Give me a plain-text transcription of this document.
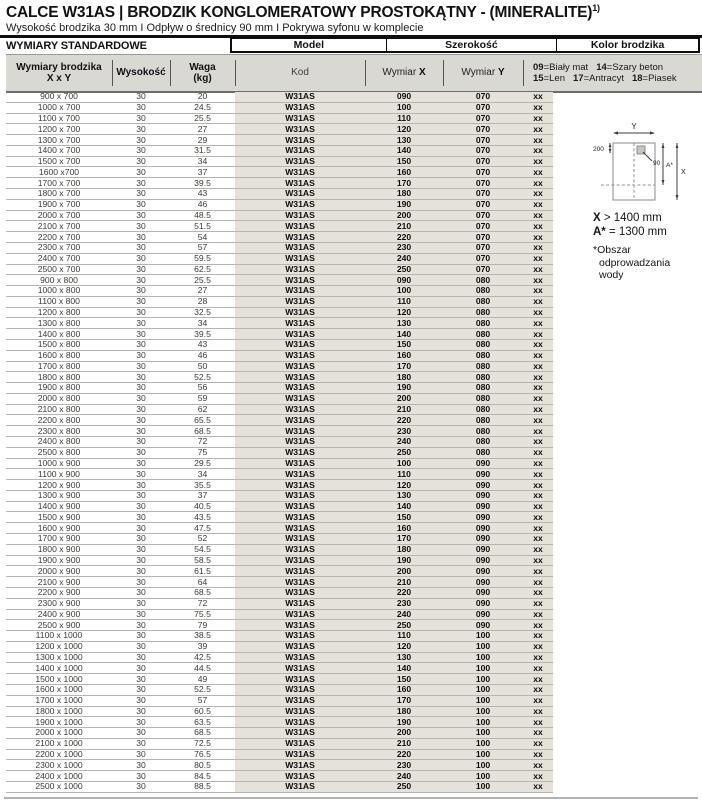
CALCE W31AS | BRODZIK KONGLOMERATOWY PROSTOKĄTNY - (MINERALITE)$^{1)}$
Wysokość brodzika 30 mm I Odpływ o średnicy 90 mm I Pokrywa syfonu w komplecie
WYMIARY STANDARDOWE	Model	Szerokość	Kolor brodzika
Wymiary brodzika
X x Y
Wysokość
Waga
(kg)
Kod	Wymiar X	Wymiar Y
09=Biały mat 14=Szary beton
15=Len 17=Antracyt 18=Piasek
900 x 700	30	20	W31AS	090	070	xx
1000 x 700	30	24.5	W31AS	100	070	xx
1100 x 700	30	25.5	W31AS	110	070	xx
1200 x 700	30	27	W31AS	120	070	xx
1300 x 700	30	29	W31AS	130	070	xx
1400 x 700	30	31.5	W31AS	140	070	xx
1500 x 700	30	34	W31AS	150	070	xx
1600 x700	30	37	W31AS	160	070	xx
1700 x 700	30	39.5	W31AS	170	070	xx
1800 x 700	30	43	W31AS	180	070	xx
1900 x 700	30	46	W31AS	190	070	xx
2000 x 700	30	48.5	W31AS	200	070	xx
2100 x 700	30	51.5	W31AS	210	070	xx
2200 x 700	30	54	W31AS	220	070	xx
2300 x 700	30	57	W31AS	230	070	xx
2400 x 700	30	59.5	W31AS	240	070	xx
2500 x 700	30	62.5	W31AS	250	070	xx
900 x 800	30	25.5	W31AS	090	080	xx
1000 x 800	30	27	W31AS	100	080	xx
1100 x 800	30	28	W31AS	110	080	xx
1200 x 800	30	32.5	W31AS	120	080	xx
1300 x 800	30	34	W31AS	130	080	xx
1400 x 800	30	39.5	W31AS	140	080	xx
1500 x 800	30	43	W31AS	150	080	xx
1600 x 800	30	46	W31AS	160	080	xx
1700 x 800	30	50	W31AS	170	080	xx
1800 x 800	30	52.5	W31AS	180	080	xx
1900 x 800	30	56	W31AS	190	080	xx
2000 x 800	30	59	W31AS	200	080	xx
2100 x 800	30	62	W31AS	210	080	xx
2200 x 800	30	65.5	W31AS	220	080	xx
2300 x 800	30	68.5	W31AS	230	080	xx
2400 x 800	30	72	W31AS	240	080	xx
2500 x 800	30	75	W31AS	250	080	xx
1000 x 900	30	29.5	W31AS	100	090	xx
1100 x 900	30	34	W31AS	110	090	xx
1200 x 900	30	35.5	W31AS	120	090	xx
1300 x 900	30	37	W31AS	130	090	xx
1400 x 900	30	40.5	W31AS	140	090	xx
1500 x 900	30	43.5	W31AS	150	090	xx
1600 x 900	30	47.5	W31AS	160	090	xx
1700 x 900	30	52	W31AS	170	090	xx
1800 x 900	30	54.5	W31AS	180	090	xx
1900 x 900	30	58.5	W31AS	190	090	xx
2000 x 900	30	61.5	W31AS	200	090	xx
2100 x 900	30	64	W31AS	210	090	xx
2200 x 900	30	68.5	W31AS	220	090	xx
2300 x 900	30	72	W31AS	230	090	xx
2400 x 900	30	75.5	W31AS	240	090	xx
2500 x 900	30	79	W31AS	250	090	xx
1100 x 1000	30	38.5	W31AS	110	100	xx
1200 x 1000	30	39	W31AS	120	100	xx
1300 x 1000	30	42.5	W31AS	130	100	xx
1400 x 1000	30	44.5	W31AS	140	100	xx
1500 x 1000	30	49	W31AS	150	100	xx
1600 x 1000	30	52.5	W31AS	160	100	xx
1700 x 1000	30	57	W31AS	170	100	xx
1800 x 1000	30	60.5	W31AS	180	100	xx
1900 x 1000	30	63.5	W31AS	190	100	xx
2000 x 1000	30	68.5	W31AS	200	100	xx
2100 x 1000	30	72.5	W31AS	210	100	xx
2200 x 1000	30	76.5	W31AS	220	100	xx
2300 x 1000	30	80.5	W31AS	230	100	xx
2400 x 1000	30	84.5	W31AS	240	100	xx
2500 x 1000	30	88.5	W31AS	250	100	xx
Y
200
90 A*
X
X > 1400 mm
A* = 1300 mm
*Obszar
odprowadzania
wody
